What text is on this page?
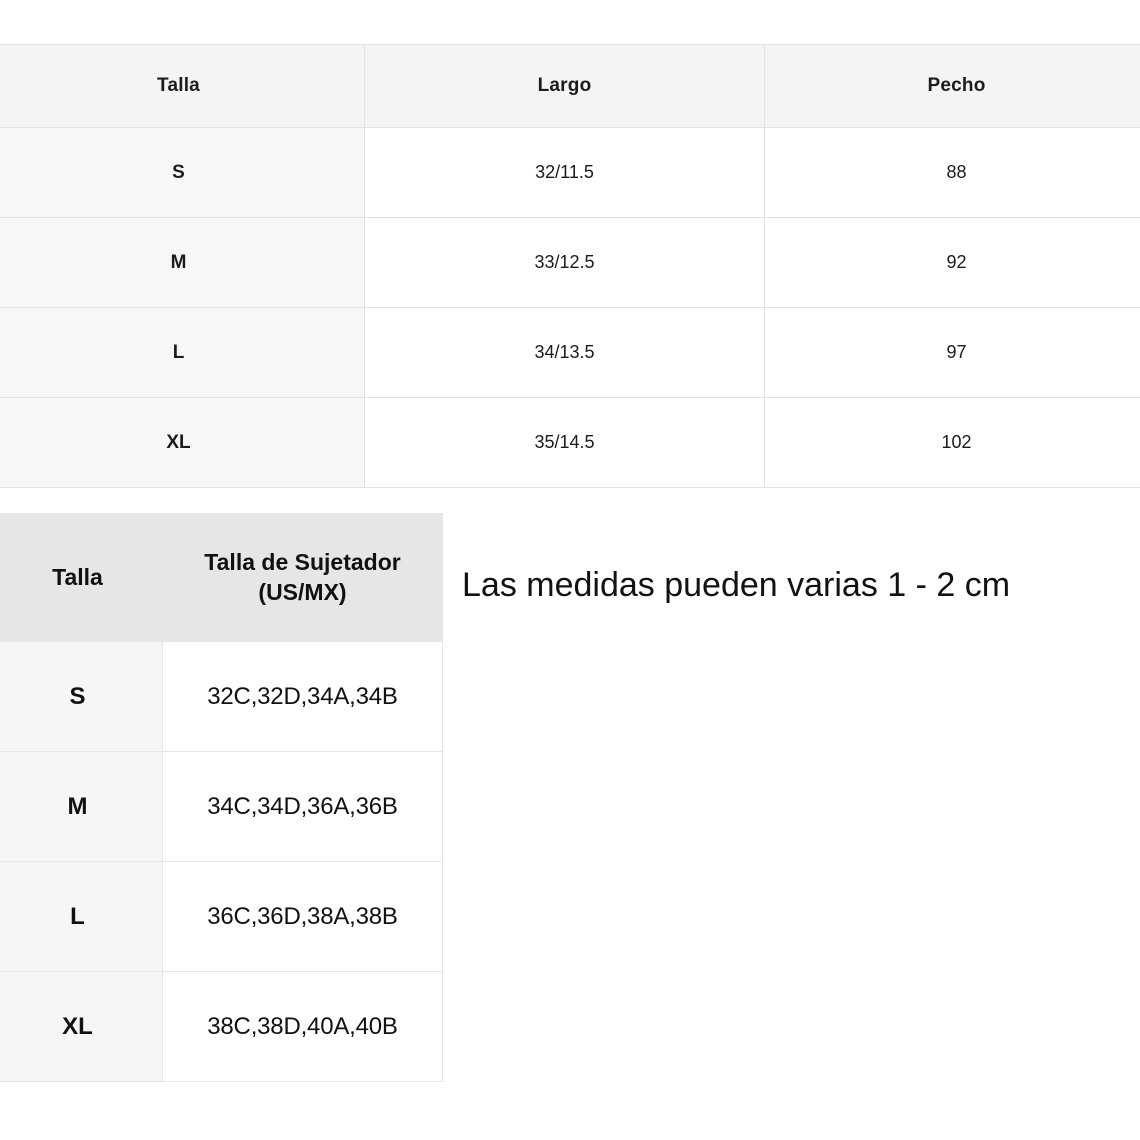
Talla	Largo	Pecho
S	32/11.5	88
M	33/12.5	92
L	34/13.5	97
XL	35/14.5	102
Talla	Talla de Sujetador (US/MX)
S	32C,32D,34A,34B
M	34C,34D,36A,36B
L	36C,36D,38A,38B
XL	38C,38D,40A,40B
Las medidas pueden varias 1 - 2 cm
